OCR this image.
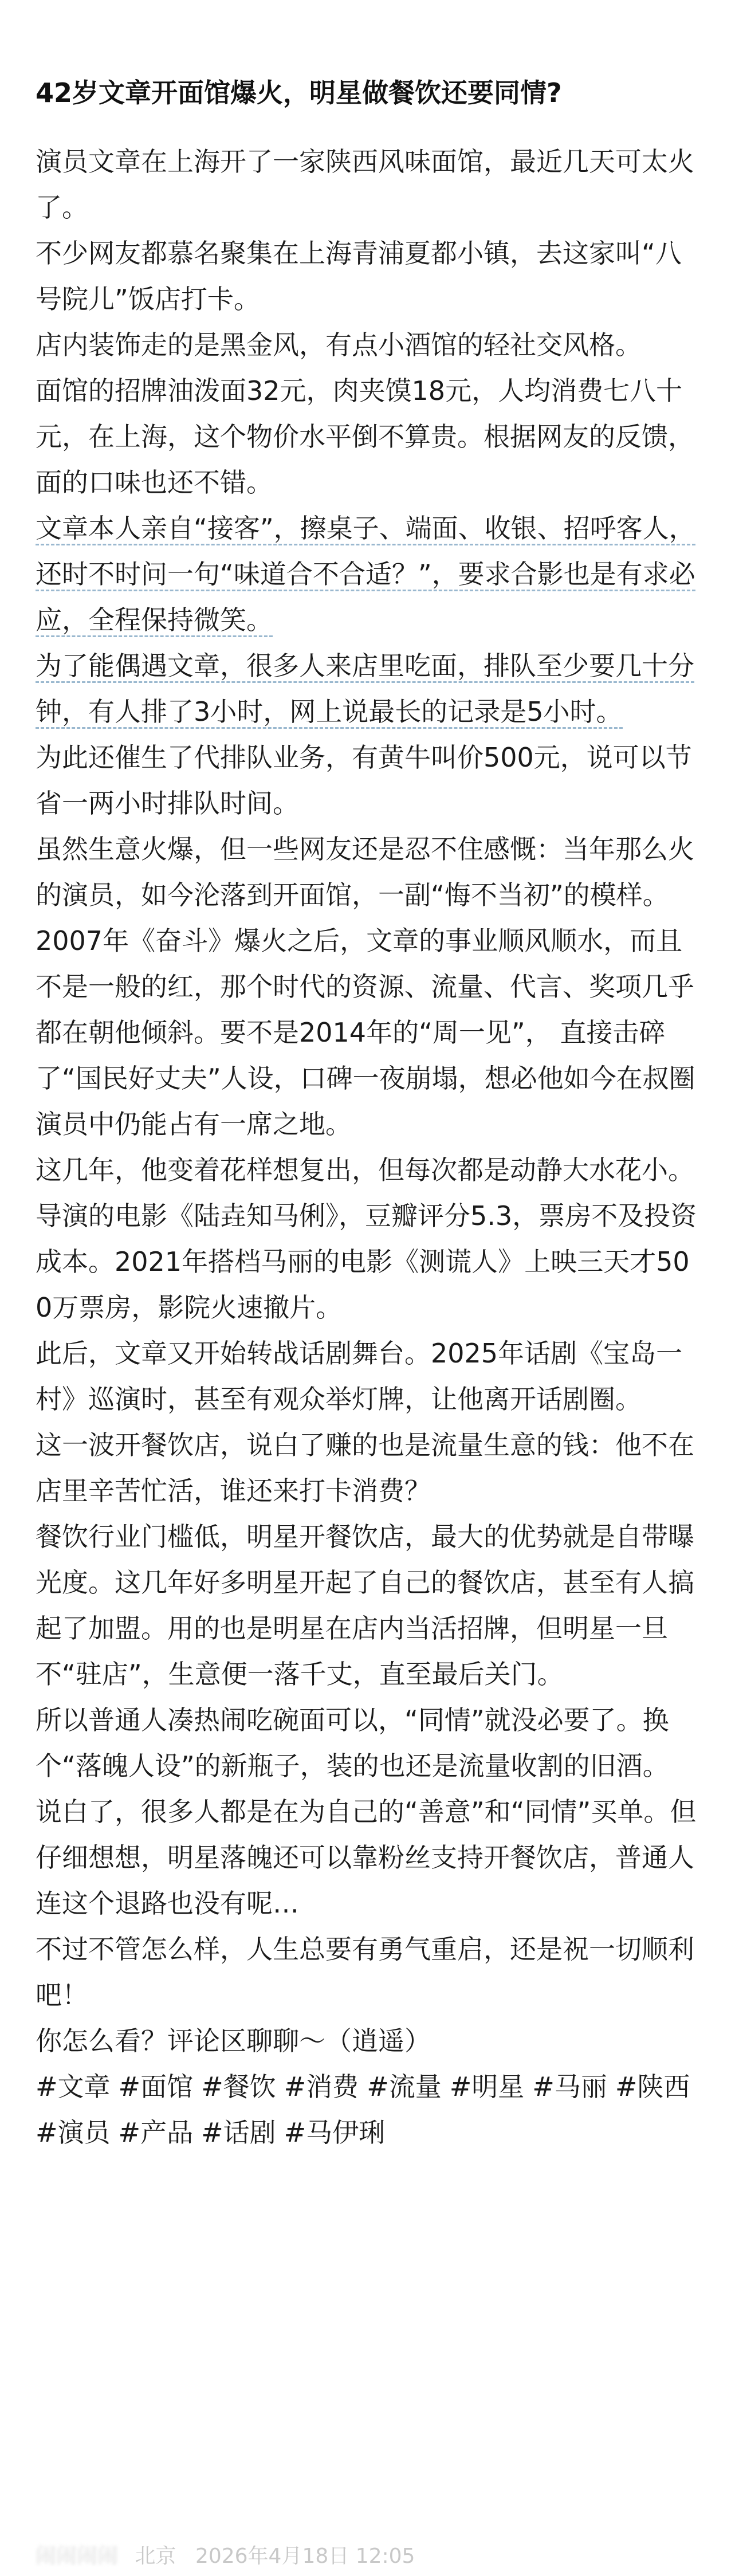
42岁文章开面馆爆火，明星做餐饮还要同情?

演员文章在上海开了一家陕西风味面馆，最近几天可太火了。

不少网友都慕名聚集在上海青浦夏都小镇，去这家叫“八号院儿”饭店打卡。

店内装饰走的是黑金风，有点小酒馆的轻社交风格。

面馆的招牌油泼面32元，肉夹馍18元，人均消费七八十元，在上海，这个物价水平倒不算贵。根据网友的反馈，面的口味也还不错。

文章本人亲自“接客”，擦桌子、端面、收银、招呼客人，还时不时问一句“味道合不合适？”，要求合影也是有求必应，全程保持微笑。

为了能偶遇文章，很多人来店里吃面，排队至少要几十分钟，有人排了3小时，网上说最长的记录是5小时。

为此还催生了代排队业务，有黄牛叫价500元，说可以节省一两小时排队时间。

虽然生意火爆，但一些网友还是忍不住感慨：当年那么火的演员，如今沦落到开面馆，一副“悔不当初”的模样。

2007年《奋斗》爆火之后，文章的事业顺风顺水，而且不是一般的红，那个时代的资源、流量、代言、奖项几乎都在朝他倾斜。要不是2014年的“周一见”， 直接击碎了“国民好丈夫”人设，口碑一夜崩塌，想必他如今在叔圈演员中仍能占有一席之地。

这几年，他变着花样想复出，但每次都是动静大水花小。

导演的电影《陆垚知马俐》，豆瓣评分5.3，票房不及投资成本。2021年搭档马丽的电影《测谎人》上映三天才500万票房，影院火速撤片。

此后，文章又开始转战话剧舞台。2025年话剧《宝岛一村》巡演时，甚至有观众举灯牌，让他离开话剧圈。

这一波开餐饮店，说白了赚的也是流量生意的钱：他不在店里辛苦忙活，谁还来打卡消费？

餐饮行业门槛低，明星开餐饮店，最大的优势就是自带曝光度。这几年好多明星开起了自己的餐饮店，甚至有人搞起了加盟。用的也是明星在店内当活招牌，但明星一旦不“驻店”，生意便一落千丈，直至最后关门。

所以普通人凑热闹吃碗面可以，“同情”就没必要了。换个“落魄人设”的新瓶子，装的也还是流量收割的旧酒。

说白了，很多人都是在为自己的“善意”和“同情”买单。但仔细想想，明星落魄还可以靠粉丝支持开餐饮店，普通人连这个退路也没有呢…

不过不管怎么样，人生总要有勇气重启，还是祝一切顺利吧！

你怎么看？评论区聊聊～（逍遥）

#文章 #面馆 #餐饮 #消费 #流量 #明星 #马丽 #陕西#演员 #产品 #话剧 #马伊琍

闹闹闹闹 北京 2026年4月18日 12:05
